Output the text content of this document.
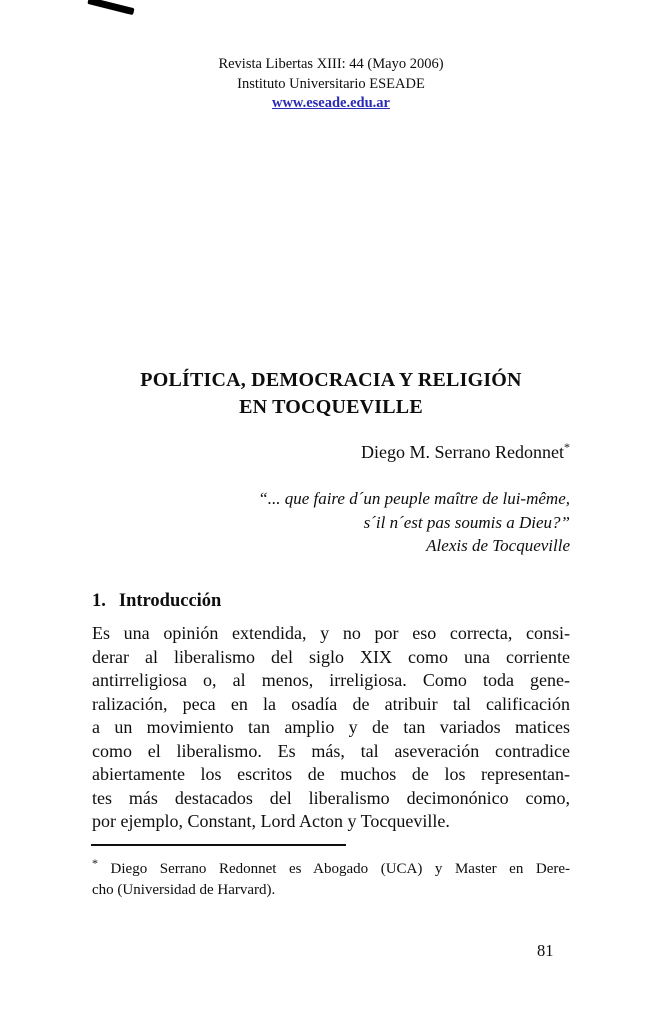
Revista Libertas XIII: 44 (Mayo 2006)
Instituto Universitario ESEADE
www.eseade.edu.ar
POLÍTICA, DEMOCRACIA Y RELIGIÓN
EN TOCQUEVILLE
Diego M. Serrano Redonnet*
“... que faire d´un peuple maître de lui-même,
s´il n´est pas soumis a Dieu?”
Alexis de Tocqueville
1. Introducción
Es una opinión extendida, y no por eso correcta, consi-
derar al liberalismo del siglo XIX como una corriente
antirreligiosa o, al menos, irreligiosa. Como toda gene-
ralización, peca en la osadía de atribuir tal calificación
a un movimiento tan amplio y de tan variados matices
como el liberalismo. Es más, tal aseveración contradice
abiertamente los escritos de muchos de los representan-
tes más destacados del liberalismo decimonónico como,
por ejemplo, Constant, Lord Acton y Tocqueville.
* Diego Serrano Redonnet es Abogado (UCA) y Master en Dere-
cho (Universidad de Harvard).
81
